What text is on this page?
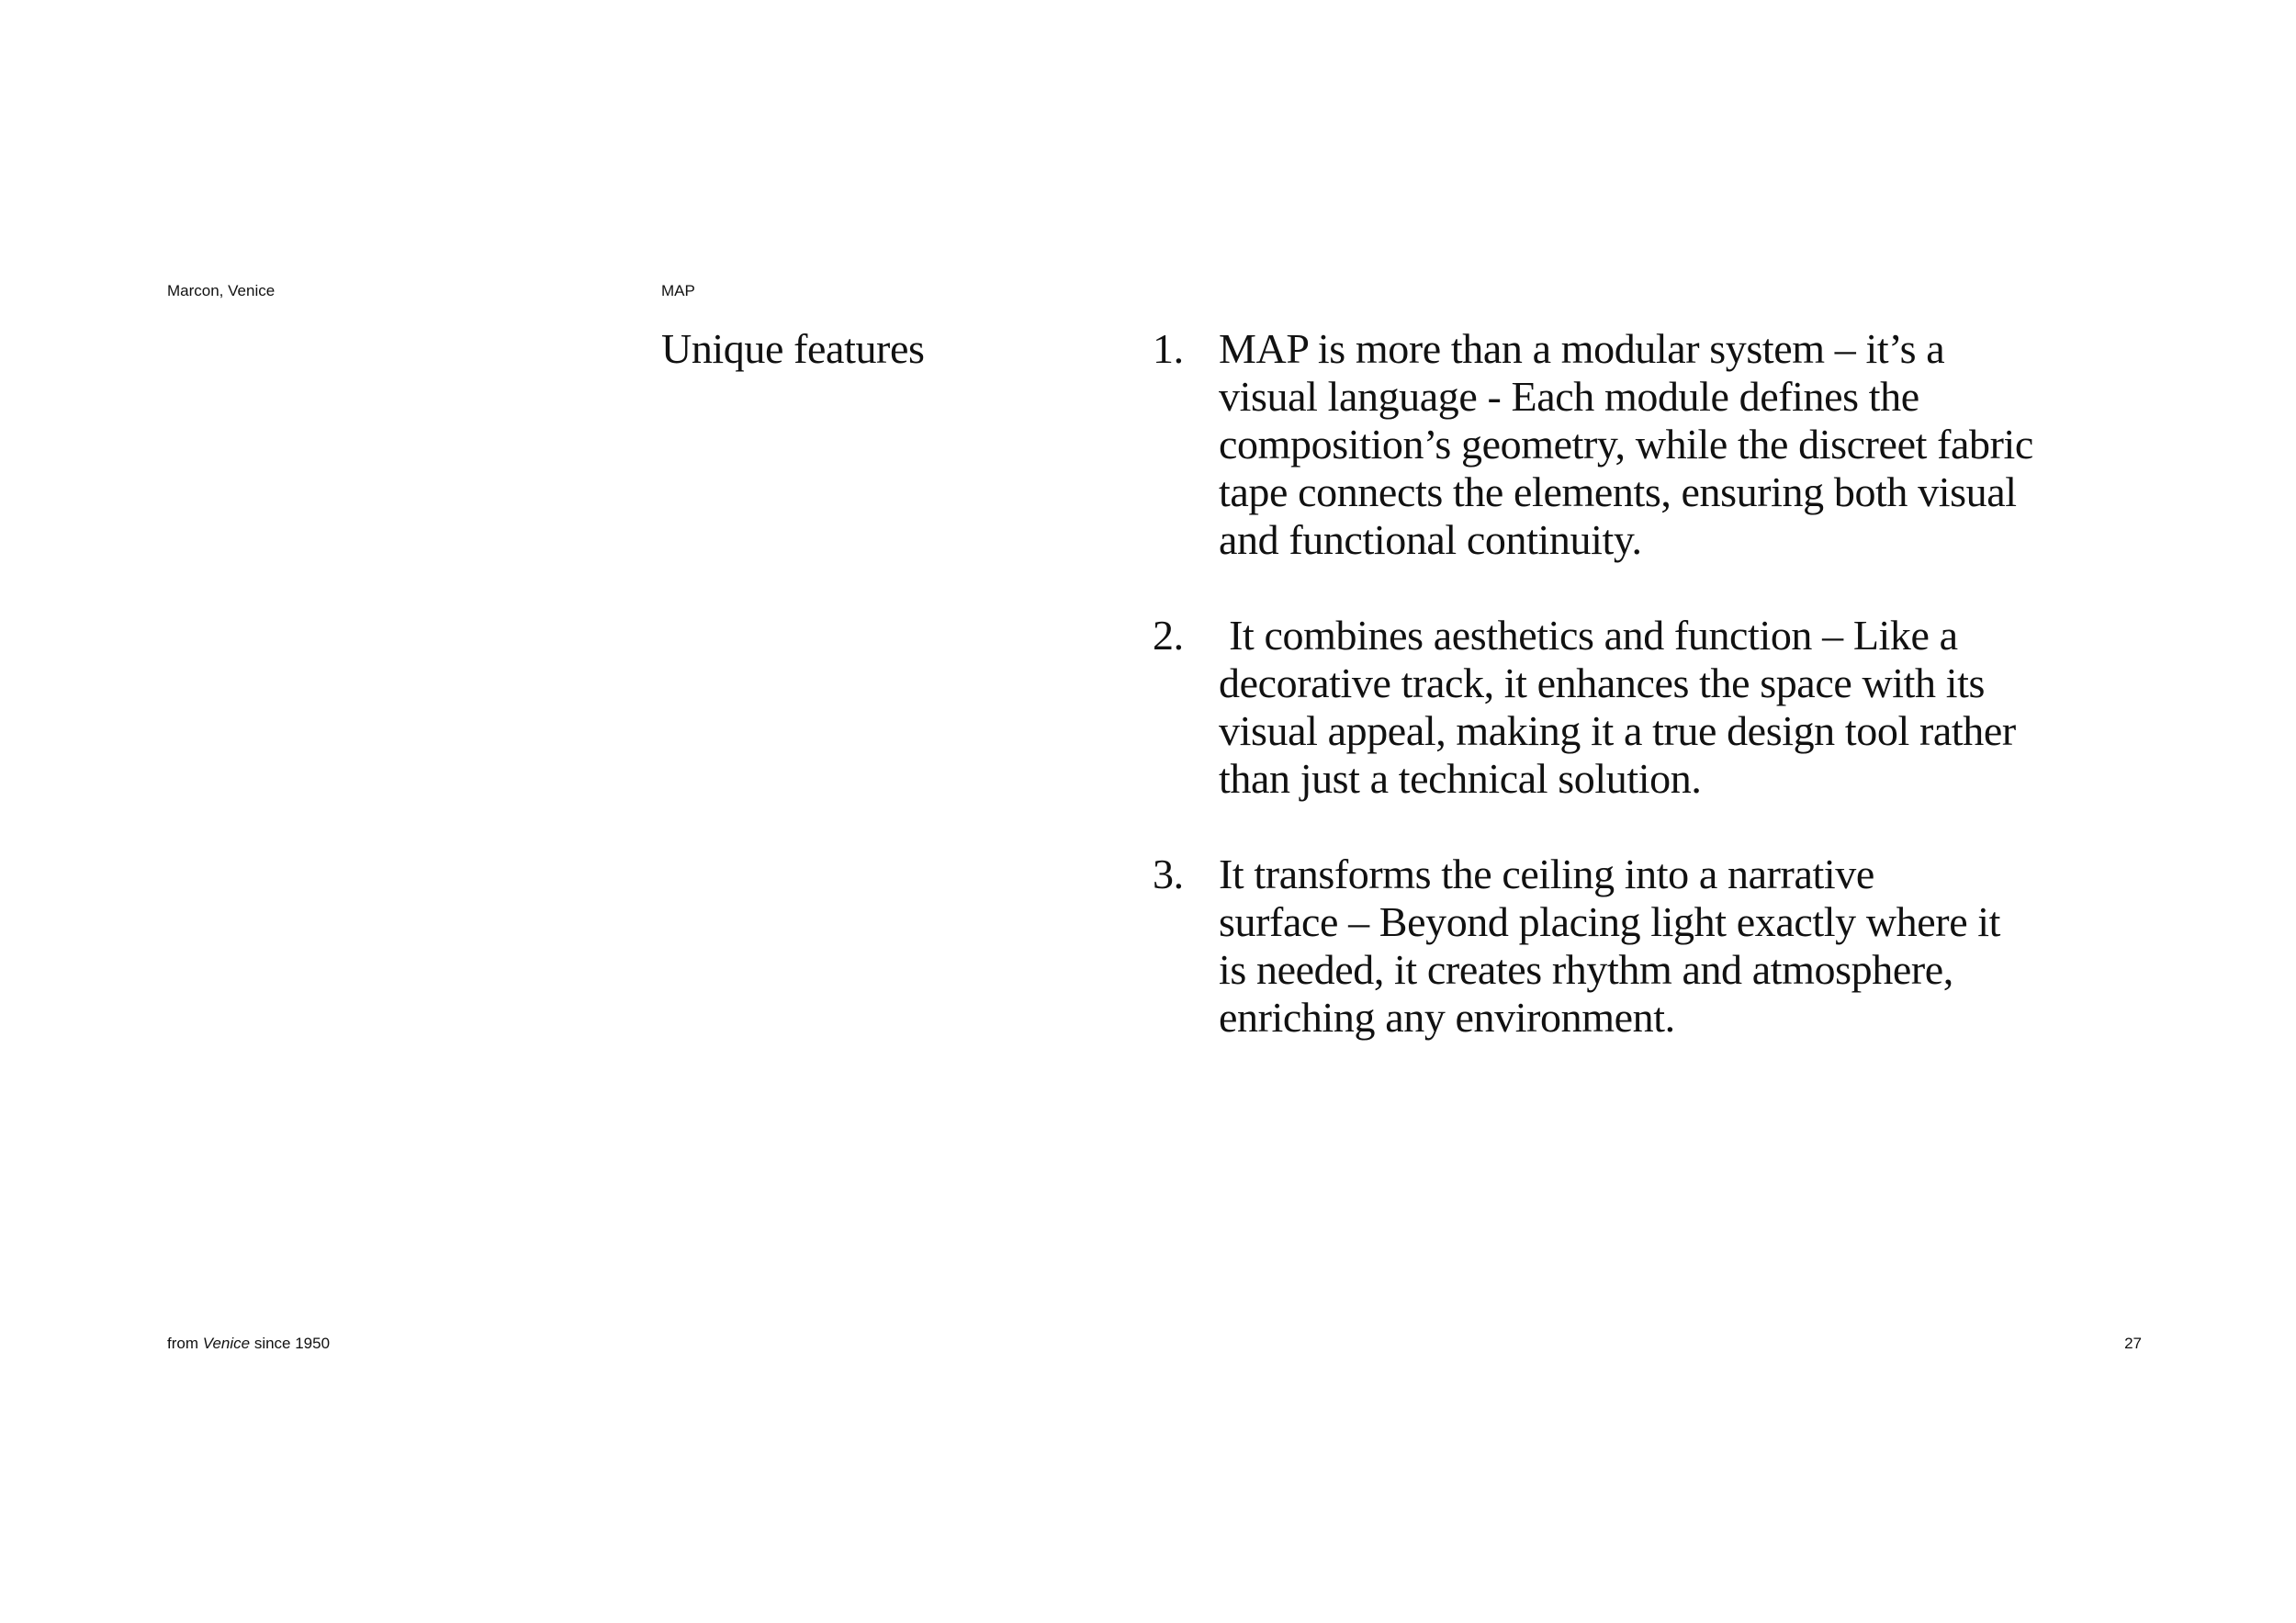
Marcon, Venice	MAP
Unique features	1. MAP is more than a modular system – it’s a
visual language - Each module defines the
composition’s geometry, while the discreet fabric
tape connects the elements, ensuring both visual
and functional continuity.
2. It combines aesthetics and function – Like a
decorative track, it enhances the space with its
visual appeal, making it a true design tool rather
than just a technical solution.
3. It transforms the ceiling into a narrative
surface – Beyond placing light exactly where it
is needed, it creates rhythm and atmosphere,
enriching any environment.
from Venice since 1950	27
